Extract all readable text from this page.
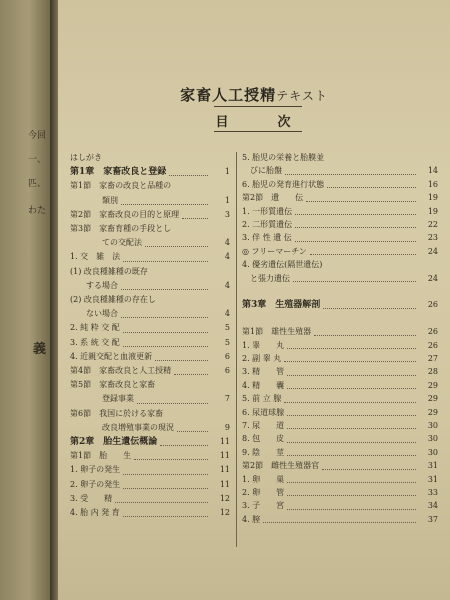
今回
一、
匹、
わた
義
家畜人工授精テキスト
目　次
はしがき
第1章　家畜改良と登録	1
第1節　家畜の改良と品種の
　　　　類別	1
第2節　家畜改良の目的と原理	3
第3節　家畜育種の手段とし
　　　　ての交配法	4
1. 交　雑　法	4
(1) 改良種雑種の既存
　　する場合	4
(2) 改良種雑種の存在し
　　ない場合	4
2. 純 粋 交 配	5
3. 系 統 交 配	5
4. 近親交配と血液更新	6
第4節　家畜改良と人工授精	6
第5節　家畜改良と家畜
　　　　登録事業	7
第6節　我国に於ける家畜
　　　　改良増殖事業の現況	9
第2章　胎生遺伝概論	11
第1節　胎　　生	11
1. 卵子の発生	11
2. 卵子の発生	11
3. 受　　精	12
4. 胎 内 発 育	12
5. 胎児の栄養と胎膜並
　びに胎盤	14
6. 胎児の発育進行状態	16
第2節　遺　　伝	19
1. 一形質遺伝	19
2. 二形質遺伝	22
3. 伴 性 遺 伝	23
◎ フリーマーチン	24
4. 優劣遺伝(隔世遺伝)
　と張力遺伝	24
第3章　生殖器解剖	26
第1節　雄性生殖器	26
1. 睾　　丸	26
2. 副 睾 丸	27
3. 精　　管	28
4. 精　　囊	29
5. 前 立 腺	29
6. 尿道球腺	29
7. 尿　　道	30
8. 包　　皮	30
9. 陰　　莖	30
第2節　雌性生殖器官	31
1. 卵　　巣	31
2. 卵　　管	33
3. 子　　宮	34
4. 膣	37
